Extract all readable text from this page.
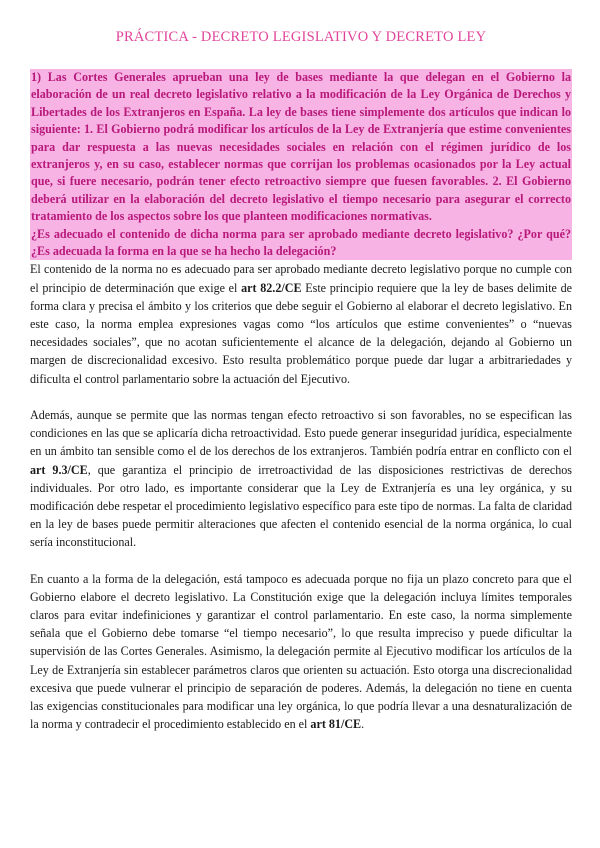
PRÁCTICA - DECRETO LEGISLATIVO Y DECRETO LEY

1) Las Cortes Generales aprueban una ley de bases mediante la que delegan en el Gobierno la elaboración de un real decreto legislativo relativo a la modificación de la Ley Orgánica de Derechos y Libertades de los Extranjeros en España. La ley de bases tiene simplemente dos artículos que indican lo siguiente: 1. El Gobierno podrá modificar los artículos de la Ley de Extranjería que estime convenientes para dar respuesta a las nuevas necesidades sociales en relación con el régimen jurídico de los extranjeros y, en su caso, establecer normas que corrijan los problemas ocasionados por la Ley actual que, si fuere necesario, podrán tener efecto retroactivo siempre que fuesen favorables. 2. El Gobierno deberá utilizar en la elaboración del decreto legislativo el tiempo necesario para asegurar el correcto tratamiento de los aspectos sobre los que planteen modificaciones normativas.

¿Es adecuado el contenido de dicha norma para ser aprobado mediante decreto legislativo? ¿Por qué? ¿Es adecuada la forma en la que se ha hecho la delegación?

El contenido de la norma no es adecuado para ser aprobado mediante decreto legislativo porque no cumple con el principio de determinación que exige el art 82.2/CE Este principio requiere que la ley de bases delimite de forma clara y precisa el ámbito y los criterios que debe seguir el Gobierno al elaborar el decreto legislativo. En este caso, la norma emplea expresiones vagas como “los artículos que estime convenientes” o “nuevas necesidades sociales”, que no acotan suficientemente el alcance de la delegación, dejando al Gobierno un margen de discrecionalidad excesivo. Esto resulta problemático porque puede dar lugar a arbitrariedades y dificulta el control parlamentario sobre la actuación del Ejecutivo.

Además, aunque se permite que las normas tengan efecto retroactivo si son favorables, no se especifican las condiciones en las que se aplicaría dicha retroactividad. Esto puede generar inseguridad jurídica, especialmente en un ámbito tan sensible como el de los derechos de los extranjeros. También podría entrar en conflicto con el art 9.3/CE, que garantiza el principio de irretroactividad de las disposiciones restrictivas de derechos individuales. Por otro lado, es importante considerar que la Ley de Extranjería es una ley orgánica, y su modificación debe respetar el procedimiento legislativo específico para este tipo de normas. La falta de claridad en la ley de bases puede permitir alteraciones que afecten el contenido esencial de la norma orgánica, lo cual sería inconstitucional.

En cuanto a la forma de la delegación, está tampoco es adecuada porque no fija un plazo concreto para que el Gobierno elabore el decreto legislativo. La Constitución exige que la delegación incluya límites temporales claros para evitar indefiniciones y garantizar el control parlamentario. En este caso, la norma simplemente señala que el Gobierno debe tomarse “el tiempo necesario”, lo que resulta impreciso y puede dificultar la supervisión de las Cortes Generales. Asimismo, la delegación permite al Ejecutivo modificar los artículos de la Ley de Extranjería sin establecer parámetros claros que orienten su actuación. Esto otorga una discrecionalidad excesiva que puede vulnerar el principio de separación de poderes. Además, la delegación no tiene en cuenta las exigencias constitucionales para modificar una ley orgánica, lo que podría llevar a una desnaturalización de la norma y contradecir el procedimiento establecido en el art 81/CE.
